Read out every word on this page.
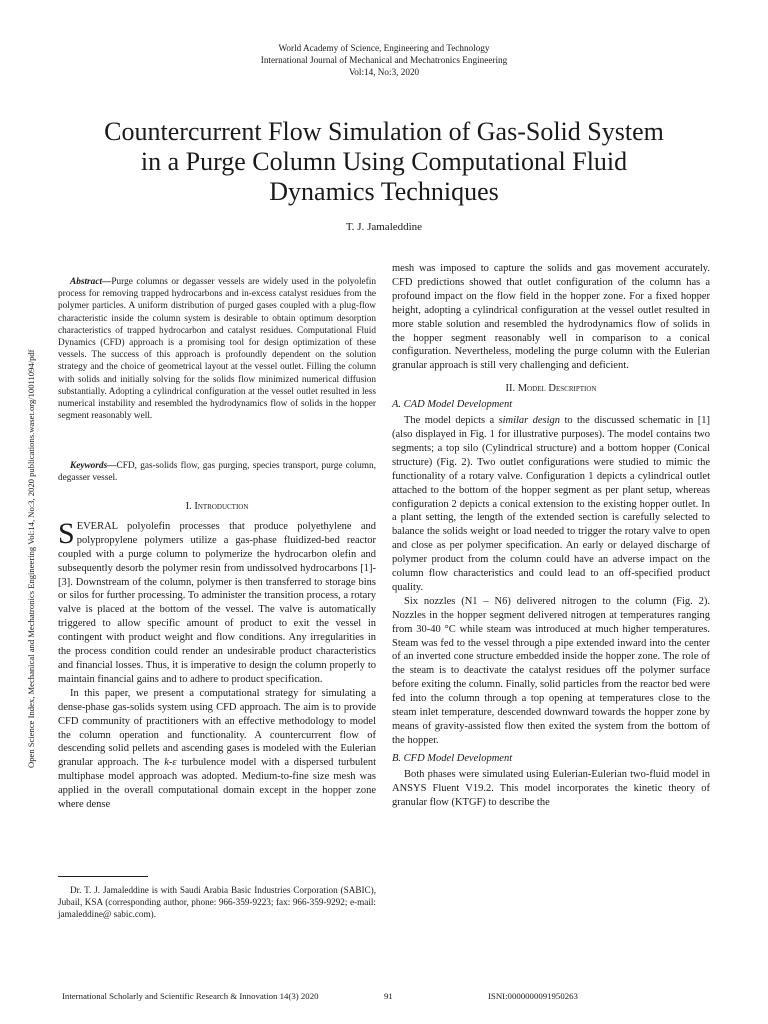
World Academy of Science, Engineering and Technology
International Journal of Mechanical and Mechatronics Engineering
Vol:14, No:3, 2020
Countercurrent Flow Simulation of Gas-Solid System
in a Purge Column Using Computational Fluid
Dynamics Techniques
T. J. Jamaleddine
Open Science Index, Mechanical and Mechatronics Engineering Vol:14, No:3, 2020 publications.waset.org/10011094/pdf

Abstract—Purge columns or degasser vessels are widely used in the polyolefin process for removing trapped hydrocarbons and in-excess catalyst residues from the polymer particles. A uniform distribution of purged gases coupled with a plug-flow characteristic inside the column system is desirable to obtain optimum desorption characteristics of trapped hydrocarbon and catalyst residues. Computational Fluid Dynamics (CFD) approach is a promising tool for design optimization of these vessels. The success of this approach is profoundly dependent on the solution strategy and the choice of geometrical layout at the vessel outlet. Filling the column with solids and initially solving for the solids flow minimized numerical diffusion substantially. Adopting a cylindrical configuration at the vessel outlet resulted in less numerical instability and resembled the hydrodynamics flow of solids in the hopper segment reasonably well.

Keywords—CFD, gas-solids flow, gas purging, species transport, purge column, degasser vessel.

I. Introduction

SEVERAL polyolefin processes that produce polyethylene and polypropylene polymers utilize a gas-phase fluidized-bed reactor coupled with a purge column to polymerize the hydrocarbon olefin and subsequently desorb the polymer resin from undissolved hydrocarbons [1]-[3]. Downstream of the column, polymer is then transferred to storage bins or silos for further processing. To administer the transition process, a rotary valve is placed at the bottom of the vessel. The valve is automatically triggered to allow specific amount of product to exit the vessel in contingent with product weight and flow conditions. Any irregularities in the process condition could render an undesirable product characteristics and financial losses. Thus, it is imperative to design the column properly to maintain financial gains and to adhere to product specification.

In this paper, we present a computational strategy for simulating a dense-phase gas-solids system using CFD approach. The aim is to provide CFD community of practitioners with an effective methodology to model the column operation and functionality. A countercurrent flow of descending solid pellets and ascending gases is modeled with the Eulerian granular approach. The k-ε turbulence model with a dispersed turbulent multiphase model approach was adopted. Medium-to-fine size mesh was applied in the overall computational domain except in the hopper zone where dense

Dr. T. J. Jamaleddine is with Saudi Arabia Basic Industries Corporation (SABIC), Jubail, KSA (corresponding author, phone: 966-359-9223; fax: 966-359-9292; e-mail: jamaleddine@ sabic.com).

mesh was imposed to capture the solids and gas movement accurately. CFD predictions showed that outlet configuration of the column has a profound impact on the flow field in the hopper zone. For a fixed hopper height, adopting a cylindrical configuration at the vessel outlet resulted in more stable solution and resembled the hydrodynamics flow of solids in the hopper segment reasonably well in comparison to a conical configuration. Nevertheless, modeling the purge column with the Eulerian granular approach is still very challenging and deficient.

II. Model Description
A. CAD Model Development

The model depicts a similar design to the discussed schematic in [1] (also displayed in Fig. 1 for illustrative purposes). The model contains two segments; a top silo (Cylindrical structure) and a bottom hopper (Conical structure) (Fig. 2). Two outlet configurations were studied to mimic the functionality of a rotary valve. Configuration 1 depicts a cylindrical outlet attached to the bottom of the hopper segment as per plant setup, whereas configuration 2 depicts a conical extension to the existing hopper outlet. In a plant setting, the length of the extended section is carefully selected to balance the solids weight or load needed to trigger the rotary valve to open and close as per polymer specification. An early or delayed discharge of polymer product from the column could have an adverse impact on the column flow characteristics and could lead to an off-specified product quality.

Six nozzles (N1 – N6) delivered nitrogen to the column (Fig. 2). Nozzles in the hopper segment delivered nitrogen at temperatures ranging from 30-40 °C while steam was introduced at much higher temperatures. Steam was fed to the vessel through a pipe extended inward into the center of an inverted cone structure embedded inside the hopper zone. The role of the steam is to deactivate the catalyst residues off the polymer surface before exiting the column. Finally, solid particles from the reactor bed were fed into the column through a top opening at temperatures close to the steam inlet temperature, descended downward towards the hopper zone by means of gravity-assisted flow then exited the system from the bottom of the hopper.

B. CFD Model Development

Both phases were simulated using Eulerian-Eulerian two-fluid model in ANSYS Fluent V19.2. This model incorporates the kinetic theory of granular flow (KTGF) to describe the

International Scholarly and Scientific Research & Innovation 14(3) 2020	91	ISNI:0000000091950263
